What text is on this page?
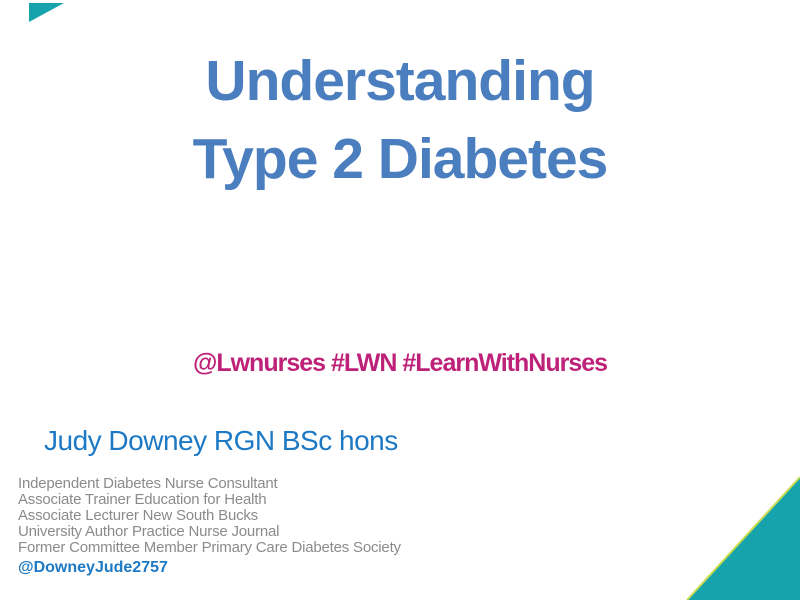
Understanding
Type 2 Diabetes
@Lwnurses #LWN #LearnWithNurses
Judy Downey RGN BSc hons
Independent Diabetes Nurse Consultant
Associate Trainer Education for Health
Associate Lecturer New South Bucks
University Author Practice Nurse Journal
Former Committee Member Primary Care Diabetes Society
@DowneyJude2757
